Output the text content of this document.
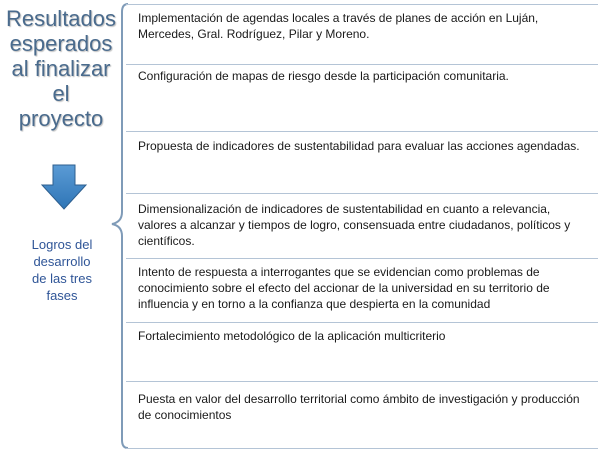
Resultados
esperados
al finalizar
el
proyecto
Logros del
desarrollo
de las tres
fases
Implementación de agendas locales a través de planes de acción en Luján, Mercedes, Gral. Rodríguez, Pilar y Moreno.
Configuración de mapas de riesgo desde la participación comunitaria.
Propuesta de indicadores de sustentabilidad para evaluar las acciones agendadas.
Dimensionalización de indicadores de sustentabilidad en cuanto a relevancia, valores a alcanzar y tiempos de logro, consensuada entre ciudadanos, políticos y científicos.
Intento de respuesta a interrogantes que se evidencian como problemas de conocimiento sobre el efecto del accionar de la universidad en su territorio de influencia y en torno a la confianza que despierta en la comunidad
Fortalecimiento metodológico de la aplicación multicriterio
Puesta en valor del desarrollo territorial como ámbito de investigación y producción de conocimientos
